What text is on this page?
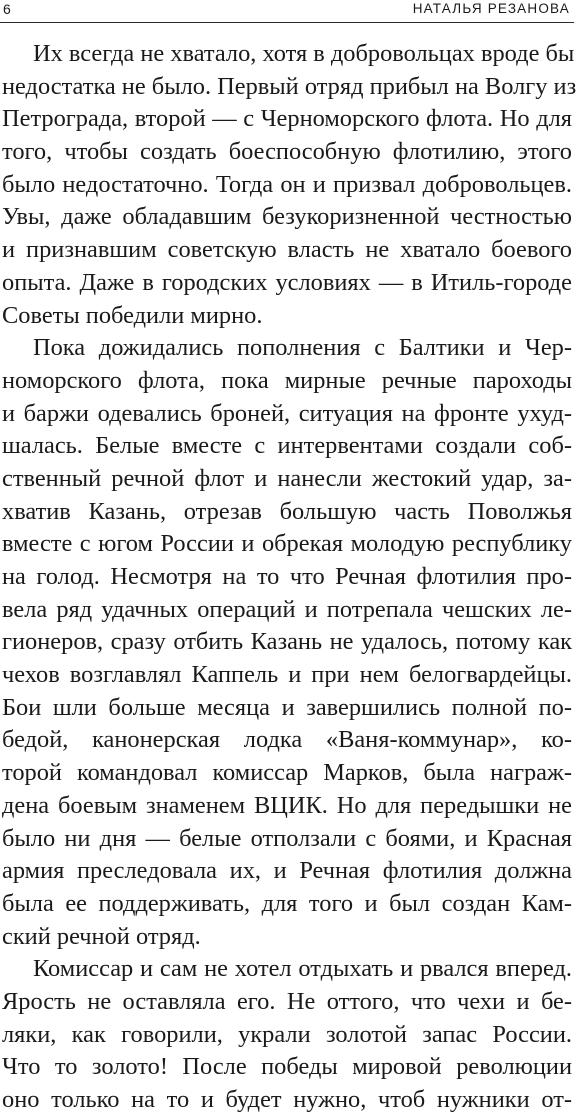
6	НАТАЛЬЯ РЕЗАНОВА
Их всегда не хватало, хотя в добровольцах вроде бы
недостатка не было. Первый отряд прибыл на Волгу из
Петрограда, второй — с Черноморского флота. Но для
того, чтобы создать боеспособную флотилию, этого
было недостаточно. Тогда он и призвал добровольцев.
Увы, даже обладавшим безукоризненной честностью
и признавшим советскую власть не хватало боевого
опыта. Даже в городских условиях — в Итиль-городе
Советы победили мирно.
Пока дожидались пополнения с Балтики и Чер-
номорского флота, пока мирные речные пароходы
и баржи одевались броней, ситуация на фронте ухуд-
шалась. Белые вместе с интервентами создали соб-
ственный речной флот и нанесли жестокий удар, за-
хватив Казань, отрезав большую часть Поволжья
вместе с югом России и обрекая молодую республику
на голод. Несмотря на то что Речная флотилия про-
вела ряд удачных операций и потрепала чешских ле-
гионеров, сразу отбить Казань не удалось, потому как
чехов возглавлял Каппель и при нем белогвардейцы.
Бои шли больше месяца и завершились полной по-
бедой, канонерская лодка «Ваня-коммунар», ко-
торой командовал комиссар Марков, была награж-
дена боевым знаменем ВЦИК. Но для передышки не
было ни дня — белые отползали с боями, и Красная
армия преследовала их, и Речная флотилия должна
была ее поддерживать, для того и был создан Кам-
ский речной отряд.
Комиссар и сам не хотел отдыхать и рвался вперед.
Ярость не оставляла его. Не оттого, что чехи и бе-
ляки, как говорили, украли золотой запас России.
Что то золото! После победы мировой революции
оно только на то и будет нужно, чтоб нужники от-
